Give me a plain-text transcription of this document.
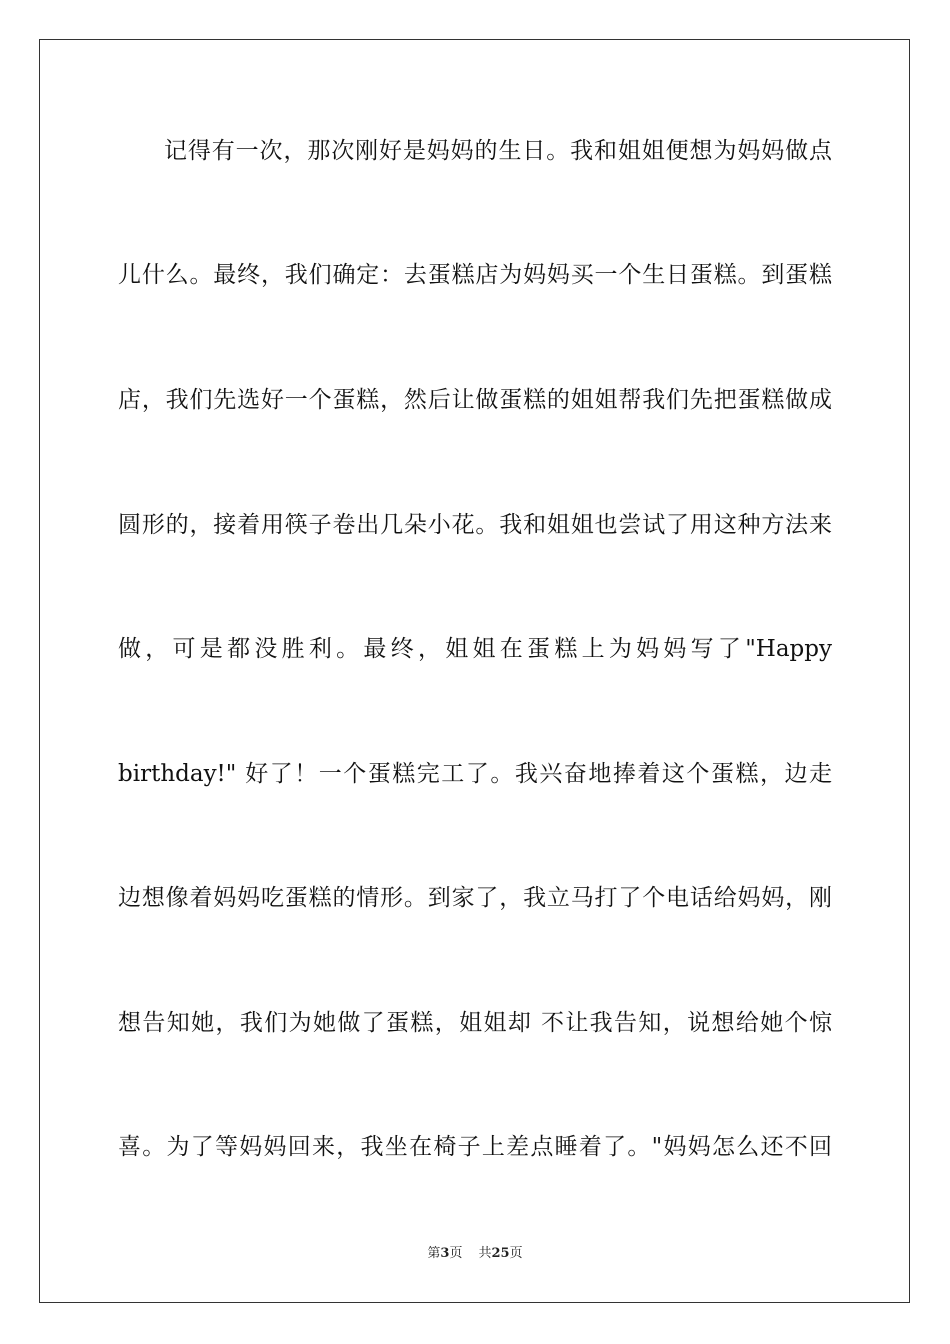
记得有一次，那次刚好是妈妈的生日。我和姐姐便想为妈妈做点
儿什么。最终，我们确定：去蛋糕店为妈妈买一个生日蛋糕。到蛋糕
店，我们先选好一个蛋糕，然后让做蛋糕的姐姐帮我们先把蛋糕做成
圆形的，接着用筷子卷出几朵小花。我和姐姐也尝试了用这种方法来
做，可是都没胜利。最终，姐姐在蛋糕上为妈妈写了"Happy
birthday!" 好了！一个蛋糕完工了。我兴奋地捧着这个蛋糕，边走
边想像着妈妈吃蛋糕的情形。到家了，我立马打了个电话给妈妈，刚
想告知她，我们为她做了蛋糕，姐姐却 不让我告知，说想给她个惊
喜。为了等妈妈回来，我坐在椅子上差点睡着了。"妈妈怎么还不回
第3页 共25页
